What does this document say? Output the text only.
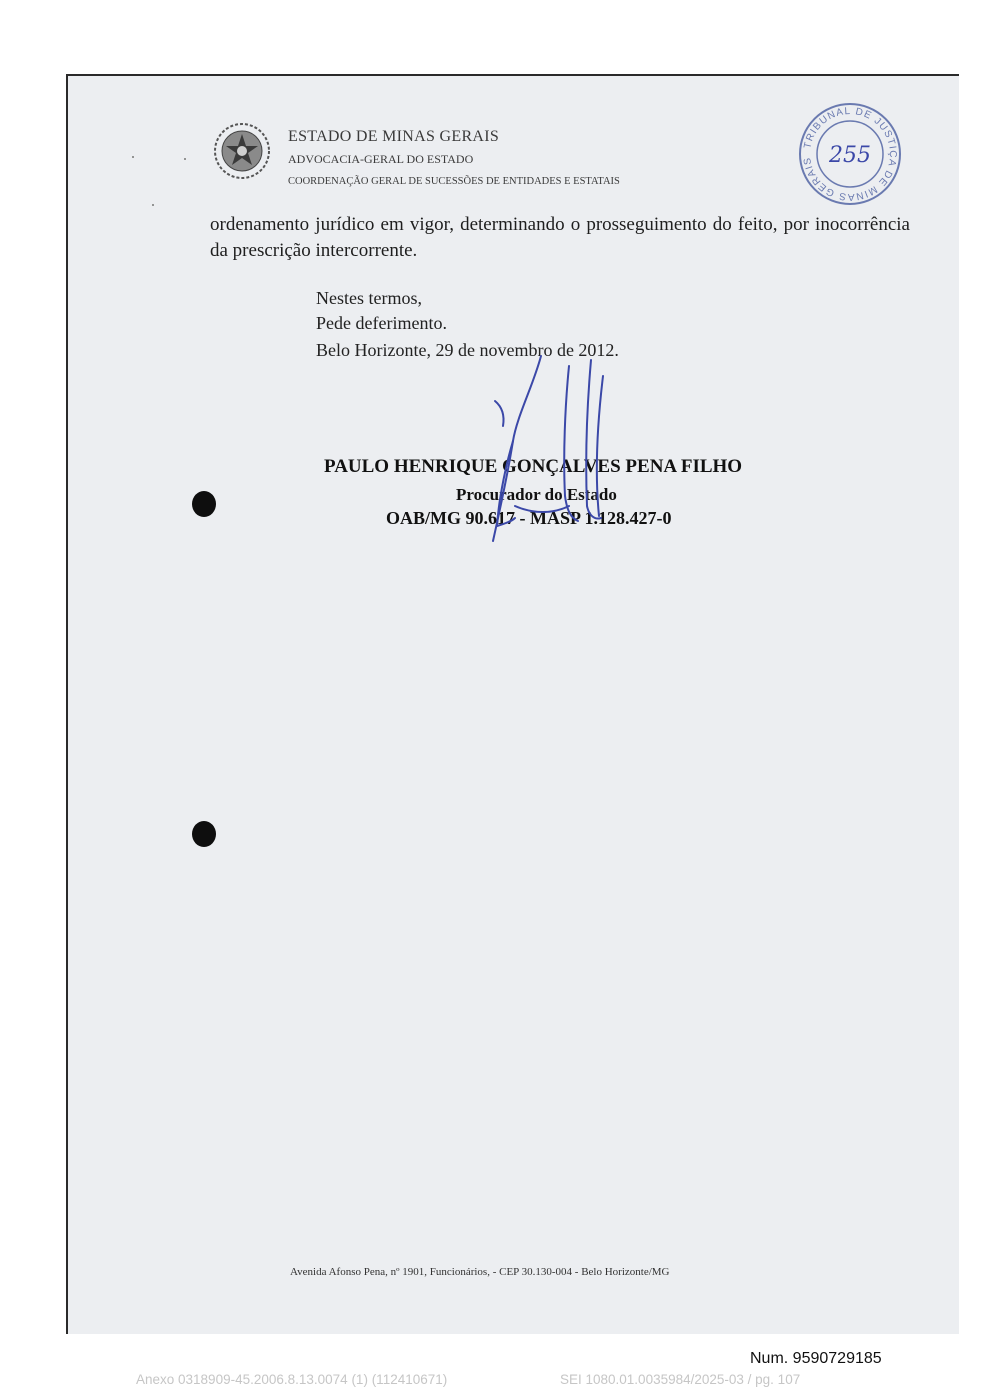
ESTADO DE MINAS GERAIS
ADVOCACIA-GERAL DO ESTADO
COORDENAÇÃO GERAL DE SUCESSÕES DE ENTIDADES E ESTATAIS
TRIBUNAL DE JUSTIÇA DE MINAS GERAIS 255
ordenamento jurídico em vigor, determinando o prosseguimento do feito, por inocorrência da prescrição intercorrente.
Nestes termos,
Pede deferimento.
Belo Horizonte, 29 de novembro de 2012.
PAULO HENRIQUE GONÇALVES PENA FILHO
Procurador do Estado
OAB/MG 90.617 - MASP 1.128.427-0
Avenida Afonso Pena, nº 1901, Funcionários, - CEP 30.130-004 - Belo Horizonte/MG
Num. 9590729185
Anexo 0318909-45.2006.8.13.0074 (1) (112410671)	SEI 1080.01.0035984/2025-03 / pg. 107
